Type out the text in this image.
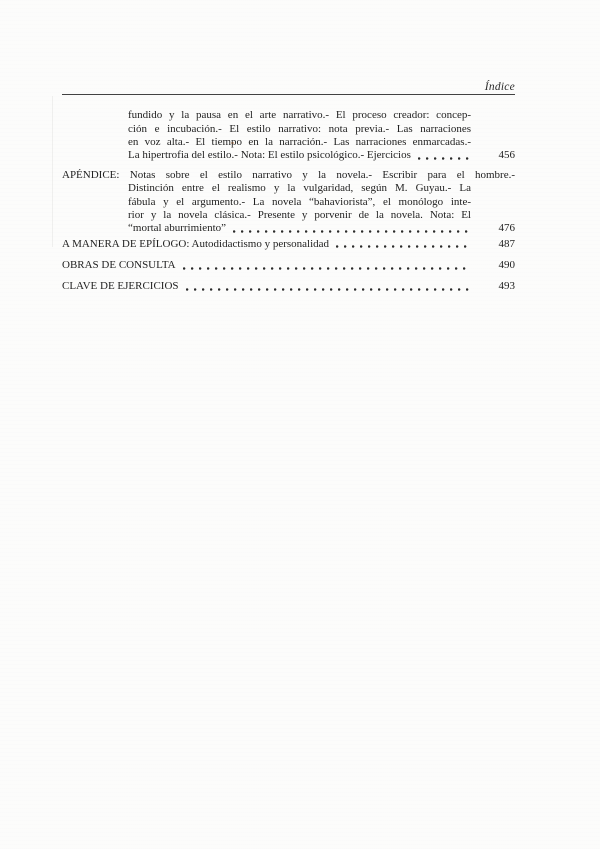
Índice
fundido y la pausa en el arte narrativo.- El proceso creador: concep-
ción e incubación.- El estilo narrativo: nota previa.- Las narraciones
en voz alta.- El tiempo en la narración.- Las narraciones enmarcadas.-
La hipertrofia del estilo.- Nota: El estilo psicológico.- Ejercicios	456
APÉNDICE: Notas sobre el estilo narrativo y la novela.- Escribir para el hombre.-
Distinción entre el realismo y la vulgaridad, según M. Guyau.- La
fábula y el argumento.- La novela “bahaviorista”, el monólogo inte-
rior y la novela clásica.- Presente y porvenir de la novela. Nota: El
“mortal aburrimiento”	476
A MANERA DE EPÍLOGO: Autodidactismo y personalidad	487
OBRAS DE CONSULTA	490
CLAVE DE EJERCICIOS	493
